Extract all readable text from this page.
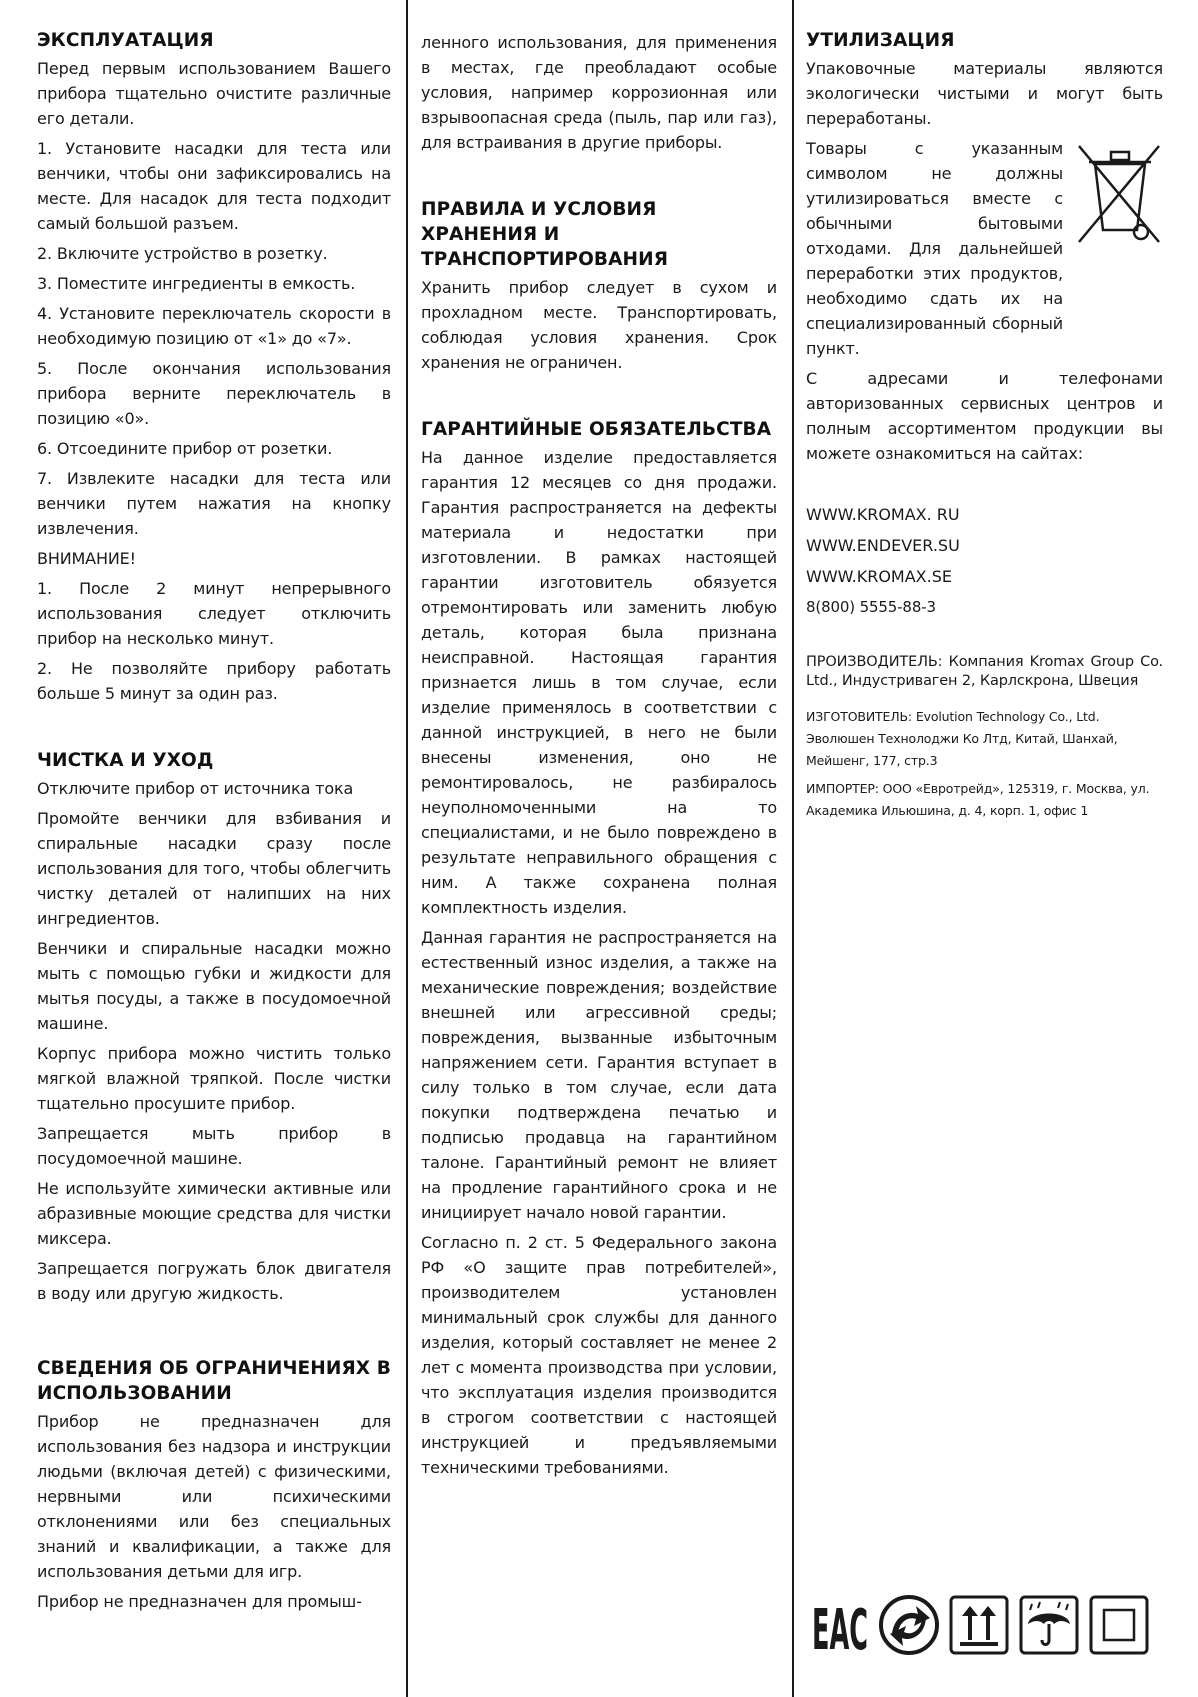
ЭКСПЛУАТАЦИЯ

Перед первым использованием Вашего прибора тщательно очистите различные его детали.

1. Установите насадки для теста или венчики, чтобы они зафиксировались на месте. Для насадок для теста подходит самый большой разъем.

2. Включите устройство в розетку.

3. Поместите ингредиенты в емкость.

4. Установите переключатель скорости в необходимую позицию от «1» до «7».

5. После окончания использования прибора верните переключатель в позицию «0».

6. Отсоедините прибор от розетки.

7. Извлеките насадки для теста или венчики путем нажатия на кнопку извлечения.

ВНИМАНИЕ!

1. После 2 минут непрерывного использования следует отключить прибор на несколько минут.

2. Не позволяйте прибору работать больше 5 минут за один раз.

ЧИСТКА И УХОД

Отключите прибор от источника тока

Промойте венчики для взбивания и спиральные насадки сразу после использования для того, чтобы облегчить чистку деталей от налипших на них ингредиентов.

Венчики и спиральные насадки можно мыть с помощью губки и жидкости для мытья посуды, а также в посудомоечной машине.

Корпус прибора можно чистить только мягкой влажной тряпкой. После чистки тщательно просушите прибор.

Запрещается мыть прибор в посудомоечной машине.

Не используйте химически активные или абразивные моющие средства для чистки миксера.

Запрещается погружать блок двигателя в воду или другую жидкость.

СВЕДЕНИЯ ОБ ОГРАНИЧЕНИЯХ В ИСПОЛЬЗОВАНИИ

Прибор не предназначен для использования без надзора и инструкции людьми (включая детей) с физическими, нервными или психическими отклонениями или без специальных знаний и квалификации, а также для использования детьми для игр.

Прибор не предназначен для промыш-

ленного использования, для применения в местах, где преобладают особые условия, например коррозионная или взрывоопасная среда (пыль, пар или газ), для встраивания в другие приборы.

ПРАВИЛА И УСЛОВИЯ ХРАНЕНИЯ И ТРАНСПОРТИРОВАНИЯ

Хранить прибор следует в сухом и прохладном месте. Транспортировать, соблюдая условия хранения. Срок хранения не ограничен.

ГАРАНТИЙНЫЕ ОБЯЗАТЕЛЬСТВА

На данное изделие предоставляется гарантия 12 месяцев со дня продажи. Гарантия распространяется на дефекты материала и недостатки при изготовлении. В рамках настоящей гарантии изготовитель обязуется отремонтировать или заменить любую деталь, которая была признана неисправной. Настоящая гарантия признается лишь в том случае, если изделие применялось в соответствии с данной инструкцией, в него не были внесены изменения, оно не ремонтировалось, не разбиралось неуполномоченными на то специалистами, и не было повреждено в результате неправильного обращения с ним. А также сохранена полная комплектность изделия.

Данная гарантия не распространяется на естественный износ изделия, а также на механические повреждения; воздействие внешней или агрессивной среды; повреждения, вызванные избыточным напряжением сети. Гарантия вступает в силу только в том случае, если дата покупки подтверждена печатью и подписью продавца на гарантийном талоне. Гарантийный ремонт не влияет на продление гарантийного срока и не инициирует начало новой гарантии.

Согласно п. 2 ст. 5 Федерального закона РФ «О защите прав потребителей», производителем установлен минимальный срок службы для данного изделия, который составляет не менее 2 лет с момента производства при условии, что эксплуатация изделия производится в строгом соответствии с настоящей инструкцией и предъявляемыми техническими требованиями.

УТИЛИЗАЦИЯ

Упаковочные материалы являются экологически чистыми и могут быть переработаны.

Товары с указанным символом не должны утилизироваться вместе с обычными бытовыми отходами. Для дальнейшей переработки этих продуктов, необходимо сдать их на специализированный сборный пункт.

С адресами и телефонами авторизованных сервисных центров и полным ассортиментом продукции вы можете ознакомиться на сайтах:

WWW.KROMAX. RU

WWW.ENDEVER.SU

WWW.KROMAX.SE

8(800) 5555-88-3

ПРОИЗВОДИТЕЛЬ: Компания Kromax Group Co. Ltd., Индустриваген 2, Карлскрона, Швеция

ИЗГОТОВИТЕЛЬ: Evolution Technology Co., Ltd. Эволюшен Технолоджи Ко Лтд, Китай, Шанхай, Мейшенг, 177, стр.3

ИМПОРТЕР: ООО «Евротрейд», 125319, г. Москва, ул. Академика Ильюшина, д. 4, корп. 1, офис 1

EAC
